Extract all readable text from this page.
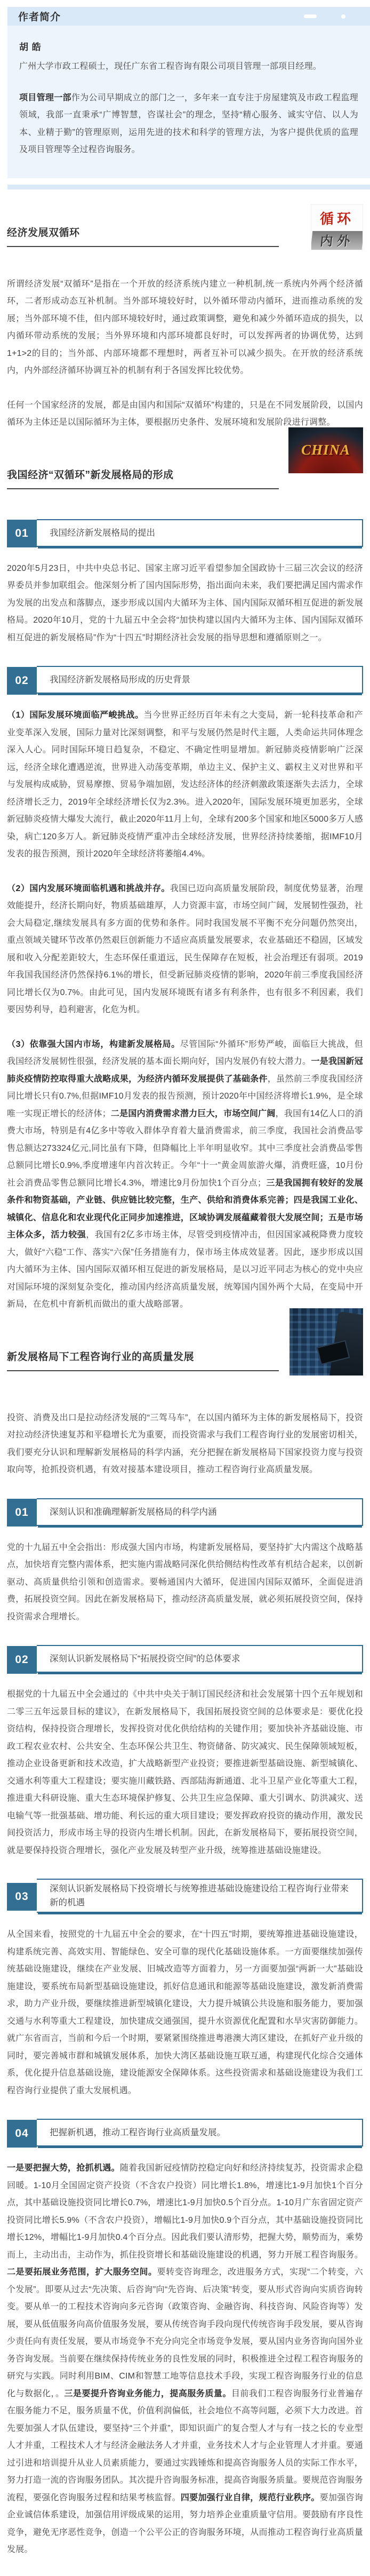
作者简介
胡 皓

广州大学市政工程硕士，现任广东省工程咨询有限公司项目管理一部项目经理。

项目管理一部作为公司早期成立的部门之一，多年来一直专注于房屋建筑及市政工程监理领域，我部一直秉承“广博智慧，咨谋社会”的理念，坚持“精心服务、诚实守信、以人为本、业精于勤”的管理原则，运用先进的技术和科学的管理方法，为客户提供优质的监理及项目管理等全过程咨询服务。

经济发展双循环
循环
内外

所谓经济发展“双循环”是指在一个开放的经济系统内建立一种机制,统一系统内外两个经济循环，二者形成动态互补机制。当外部环境较好时，以外循环带动内循环，进而推动系统的发展；当外部环境不佳，但内部环境较好时，通过政策调整，避免和减少外循环造成的损失，以内循环带动系统的发展；当外界环境和内部环境都良好时，可以发挥两者的协调优势，达到1+1>2的目的；当外部、内部环境都不理想时，两者互补可以减少损失。在开放的经济系统内，内外部经济循环协调互补的机制有利于各国发挥比较优势。

任何一个国家经济的发展，都是由国内和国际“双循环”构建的，只是在不同发展阶段，以国内循环为主体还是以国际循环为主体，要根据历史条件、发展环境和发展阶段进行调整。

我国经济“双循环”新发展格局的形成
CHINA
01	我国经济新发展格局的提出

2020年5月23日，中共中央总书记、国家主席习近平看望参加全国政协十三届三次会议的经济界委员并参加联组会。他深刻分析了国内国际形势，指出面向未来，我们要把满足国内需求作为发展的出发点和落脚点，逐步形成以国内大循环为主体、国内国际双循环相互促进的新发展格局。2020年10月，党的十九届五中全会将“加快构建以国内大循环为主体、国内国际双循环相互促进的新发展格局”作为“十四五”时期经济社会发展的指导思想和遵循原则之一。

02	我国经济新发展格局形成的历史背景

（1）国际发展环境面临严峻挑战。当今世界正经历百年未有之大变局，新一轮科技革命和产业变革深入发展，国际力量对比深刻调整，和平与发展仍然是时代主题，人类命运共同体理念深入人心。同时国际环境日趋复杂，不稳定、不确定性明显增加。新冠肺炎疫情影响广泛深远，经济全球化遭遇逆流，世界进入动荡变革期，单边主义、保护主义、霸权主义对世界和平与发展构成威胁，贸易摩擦、贸易争端加剧，发达经济体的经济刺激政策逐渐失去活力，全球经济增长乏力，2019年全球经济增长仅为2.3%。进入2020年，国际发展环境更加恶劣，全球新冠肺炎疫情大爆发大流行，截止2020年11月上旬，全球有200多个国家和地区5000多万人感染，病亡120多万人。新冠肺炎疫情严重冲击全球经济发展，世界经济持续萎缩，据IMF10月发表的报告预测，预计2020年全球经济将萎缩4.4%。

（2）国内发展环境面临机遇和挑战并存。我国已迈向高质量发展阶段，制度优势显著，治理效能提升，经济长期向好，物质基础雄厚，人力资源丰富，市场空间广阔，发展韧性强劲，社会大局稳定,继续发展具有多方面的优势和条件。同时我国发展不平衡不充分问题仍然突出，重点领域关键环节改革仍然艰巨创新能力不适应高质量发展要求，农业基础还不稳固，区域发展和收入分配差距较大，生态环保任重道远，民生保障存在短板，社会治理还有弱项。2019年我国我国经济仍然保持6.1%的增长，但受新冠肺炎疫情的影响，2020年前三季度我国经济同比增长仅为0.7%。由此可见，国内发展环境既有诸多有利条件，也有很多不利因素，我们要因势利导，趋利避害，化危为机。

（3）依靠强大国内市场，构建新发展格局。尽管国际“外循环”形势严峻，面临巨大挑战，但我国经济发展韧性很强，经济发展的基本面长期向好，国内发展仍有较大潜力。一是我国新冠肺炎疫情防控取得重大战略成果，为经济内循环发展提供了基础条件，虽然前三季度我国经济同比增长只有0.7%,但据IMF10月发表的报告预测，预计2020年中国经济将增长1.9%，是全球唯一实现正增长的经济体；二是国内消费需求潜力巨大，市场空间广阔，我国有14亿人口的消费大市场，特别是有4亿多中等收入群体孕育着大量消费需求，前三季度，我国社会消费品零售总额达273324亿元,同比虽有下降，但降幅比上半年明显收窄。其中三季度社会消费品零售总额同比增长0.9%,季度增速年内首次转正。今年“十一”黄金周旅游火爆，消费旺盛，10月份社会消费品零售总额同比增长4.3%，增速比9月份加快1个百分点；三是我国拥有较好的发展条件和物资基础，产业链、供应链比较完整，生产、供给和消费体系完善；四是我国工业化、城镇化、信息化和农业现代化正同步加速推进，区域协调发展蕴藏着很大发展空间；五是市场主体众多，活力较强，我国有2亿多市场主体，尽管受到疫情冲击，但因国家减税降费力度较大，做好“六稳”工作、落实“六保”任务措施有力，保市场主体成效显著。因此，逐步形成以国内大循环为主体、国内国际双循环相互促进的新发展格局，是以习近平同志为核心的党中央应对国际环境的深刻复杂变化，推动国内经济高质量发展，统筹国内国外两个大局，在变局中开新局，在危机中育新机而做出的重大战略部署。

新发展格局下工程咨询行业的高质量发展

投资、消费及出口是拉动经济发展的“三驾马车”，在以国内循环为主体的新发展格局下，投资对拉动经济快速复苏和平稳增长尤为重要，而投资需求与我们工程咨询行业的发展密切相关，我们要充分认识和理解新发展格局的科学内涵，充分把握在新发展格局下国家投资力度与投资取向等，抢抓投资机遇，有效对接基本建设项目，推动工程咨询行业高质量发展。

01	深刻认识和准确理解新发展格局的科学内涵

党的十九届五中全会指出：形成强大国内市场，构建新发展格局，要坚持扩大内需这个战略基点，加快培育完整内需体系，把实施内需战略同深化供给侧结构性改革有机结合起来，以创新驱动、高质量供给引领和创造需求。要畅通国内大循环，促进国内国际双循环，全面促进消费，拓展投资空间。因此在新发展格局下，推动经济高质量发展，就必须拓展投资空间，保持投资需求合理增长。

02	深刻认识新发展格局下“拓展投资空间”的总体要求

根据党的十九届五中全会通过的《中共中央关于制订国民经济和社会发展第十四个五年规划和二零三五年远景目标的建议》，在新发展格局下，我国拓展投资空间的总体要求是：要优化投资结构，保持投资合理增长，发挥投资对优化供给结构的关键作用；要加快补齐基础设施、市政工程农业农村、公共安全、生态环保公共卫生、物资储备、防灾减灾、民生保障领域短板，推动企业设备更新和技术改造，扩大战略新型产业投资；要推进新型基础设施、新型城镇化、交通水利等重大工程建设；要实施川藏铁路、西部陆海新通道、北斗卫星产业化等重大工程，推进重大科研设施、重大生态环境保护修复、公共卫生应急保障、重大引调水、防洪减灾、送电输气等一批强基础、增功能、利长远的重大项目建设；要发挥政府投资的撬动作用，激发民间投资活力，形成市场主导的投资内生增长机制。因此，在新发展格局下，要拓展投资空间，就是要保持投资合理增长，强化产业发展及转型产业升级，统筹推进基础设施建设。

03
深刻认识新发展格局下投资增长与统筹推进基础设施建设给工程咨询行业带来新的机遇

从全国来看，按照党的十九届五中全会的要求，在“十四五”时期，要统筹推进基础设施建设，构建系统完善、高效实用、智能绿色、安全可靠的现代化基础设施体系。一方面要继续加强传统基础设施建设，继续在产业发展、旧城改造等方面着力，另一方面要加强“两新一大”基础设施建设，要系统布局新型基础设施建设，抓好信息通讯和能源等基础设施建设，激发新消费需求，助力产业升级，要继续推进新型城镇化建设，大力提升城镇公共设施和服务能力，要加强交通与水利等重大工程建设，加快建成交通强国，提升水资源优化配置和水旱灾害防御能力。就广东省而言，当前和今后一个时期，要紧紧围绕推进粤港澳大湾区建设，在抓好产业升级的同时，要完善城市群和城镇发展体系，加快大湾区基础设施互联互通，构建现代化综合交通体系，优化提升信息基础设施，建设能源安全保障体系。这些投资需求和基础设施建设为我们工程咨询行业提供了重大发展机遇。

04	把握新机遇，推动工程咨询行业高质量发展。

一是要把握大势，抢抓机遇。随着我国新冠疫情防控稳定向好和经济持续复苏，投资需求企稳回暖。1-10月全国固定资产投资（不含农户投资）同比增长1.8%，增速比1-9月加快1个百分点，其中基础设施投资同比增长0.7%，增速比1-9月加快0.5个百分点。1-10月广东省固定资产投资同比增长5.9%（不含农户投资），增幅比1-9月加快0.9个百分点，其中基础设施投资同比增长12%，增幅比1-9月加快0.4个百分点。因此我们要认清形势，把握大势，顺势而为，乘势而上，主动出击，主动作为，抓住投资增长和基础设施建设的机遇，努力开展工程咨询服务。二是要拓展业务范围，扩大服务空间。要转变咨询理念，改进服务方式，实现“二个转变，六个发展”。即要从过去“先决策、后咨询”向“先咨询、后决策”转变，要从形式咨询向实质咨询转变。要从单一的工程技术咨询向多元咨询（政策咨询、金融咨询、科技咨询、风险咨询等）发展，要从低值服务向高价值服务发展，要从传统咨询手段向现代传统咨询手段发展，要从咨询少责任向有责任发展，要从市场竞争不充分向完全市场竞争发展，要从国内业务咨询向国外业务咨询发展。当前要在继续保持传统业务的良性发展的同时，积极推进全过程工程咨询服务的研究与实践。同时利用BIM、CIM和智慧工地等信息技术手段，实现工程咨询服务行业的信息化与数据化，。三是要提升咨询业务能力，提高服务质量。目前我们工程咨询服务行业普遍存在服务能力不足，服务质量不优，价值利润偏低，社会地位不高等问题，必须下大力改进。首先要加强人才队伍建设，要坚持“三个并重”，即知识面广的复合型人才与有一技之长的专业型人才并重，工程技术人才与经济金融法务人才并重，业务技术人才与企业管理人才并重。要通过引进和培训提升从业人员素质能力，要通过实践锤炼和提高咨询服务人员的实际工作水平，努力打造一流的咨询服务团队。其次提升咨询服务标准，提高咨询服务质量。要规范咨询服务流程，要强化咨询服务过程和结果考核监督。四要加强行业自律，规范行业秩序。要加强咨询企业诚信体系建设，加强信用评级成果的运用，努力培养企业重质量守信用。要鼓励有序良性竞争，避免无序恶性竞争，创造一个公平公正的咨询服务环境，从而推动工程咨询行业高质量发展。
